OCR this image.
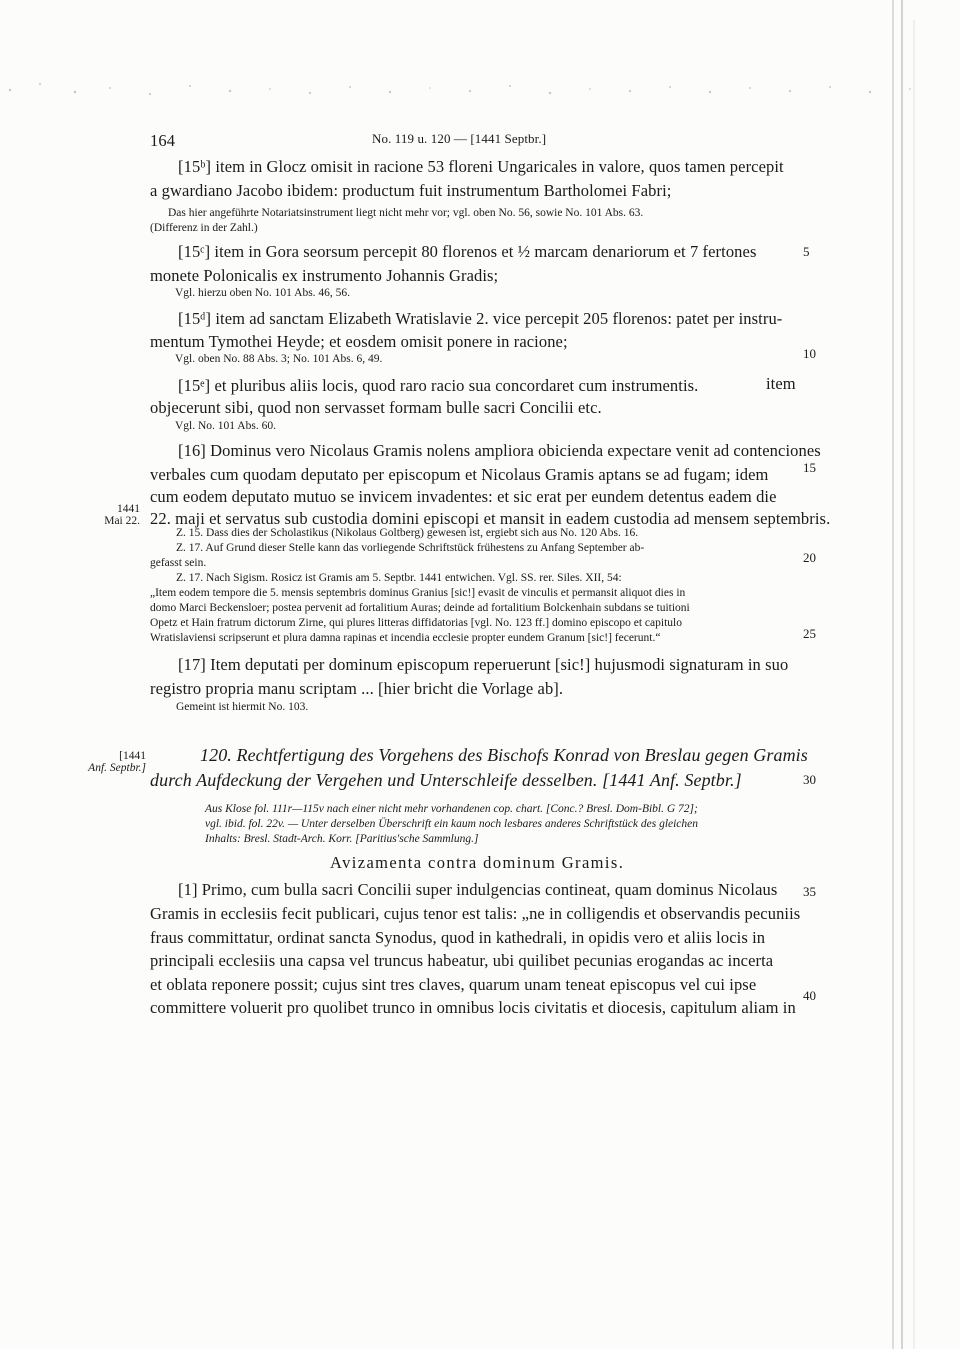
164	No. 119 u. 120 — [1441 Septbr.]
[15ᵇ] item in Glocz omisit in racione 53 floreni Ungaricales in valore, quos tamen percepit
a gwardiano Jacobo ibidem: productum fuit instrumentum Bartholomei Fabri;
Das hier angeführte Notariatsinstrument liegt nicht mehr vor; vgl. oben No. 56, sowie No. 101 Abs. 63.
(Differenz in der Zahl.)
[15ᶜ] item in Gora seorsum percepit 80 florenos et ½ marcam denariorum et 7 fertones
monete Polonicalis ex instrumento Johannis Gradis;
Vgl. hierzu oben No. 101 Abs. 46, 56.
[15ᵈ] item ad sanctam Elizabeth Wratislavie 2. vice percepit 205 florenos: patet per instru-
mentum Tymothei Heyde; et eosdem omisit ponere in racione;
Vgl. oben No. 88 Abs. 3; No. 101 Abs. 6, 49.
[15ᵉ] et pluribus aliis locis, quod raro racio sua concordaret cum instrumentis.	item
objecerunt sibi, quod non servasset formam bulle sacri Concilii etc.
Vgl. No. 101 Abs. 60.
[16] Dominus vero Nicolaus Gramis nolens ampliora obicienda expectare venit ad contenciones
verbales cum quodam deputato per episcopum et Nicolaus Gramis aptans se ad fugam; idem
cum eodem deputato mutuo se invicem invadentes: et sic erat per eundem detentus eadem die
22. maji et servatus sub custodia domini episcopi et mansit in eadem custodia ad mensem septembris.
Z. 15. Dass dies der Scholastikus (Nikolaus Goltberg) gewesen ist, ergiebt sich aus No. 120 Abs. 16.
Z. 17. Auf Grund dieser Stelle kann das vorliegende Schriftstück frühestens zu Anfang September ab-
gefasst sein.
Z. 17. Nach Sigism. Rosicz ist Gramis am 5. Septbr. 1441 entwichen. Vgl. SS. rer. Siles. XII, 54:
„Item eodem tempore die 5. mensis septembris dominus Granius [sic!] evasit de vinculis et permansit aliquot dies in
domo Marci Beckensloer; postea pervenit ad fortalitium Auras; deinde ad fortalitium Bolckenhain subdans se tuitioni
Opetz et Hain fratrum dictorum Zirne, qui plures litteras diffidatorias [vgl. No. 123 ff.] domino episcopo et capitulo
Wratislaviensi scripserunt et plura damna rapinas et incendia ecclesie propter eundem Granum [sic!] fecerunt.“
[17] Item deputati per dominum episcopum reperuerunt [sic!] hujusmodi signaturam in suo
registro propria manu scriptam ... [hier bricht die Vorlage ab].
Gemeint ist hiermit No. 103.
120. Rechtfertigung des Vorgehens des Bischofs Konrad von Breslau gegen Gramis
durch Aufdeckung der Vergehen und Unterschleife desselben. [1441 Anf. Septbr.]
Aus Klose fol. 111r—115v nach einer nicht mehr vorhandenen cop. chart. [Conc.? Bresl. Dom-Bibl. G 72];
vgl. ibid. fol. 22v. — Unter derselben Überschrift ein kaum noch lesbares anderes Schriftstück des gleichen
Inhalts: Bresl. Stadt-Arch. Korr. [Paritius'sche Sammlung.]
Avizamenta contra dominum Gramis.
[1] Primo, cum bulla sacri Concilii super indulgencias contineat, quam dominus Nicolaus
Gramis in ecclesiis fecit publicari, cujus tenor est talis: „ne in colligendis et observandis pecuniis
fraus committatur, ordinat sancta Synodus, quod in kathedrali, in opidis vero et aliis locis in
principali ecclesiis una capsa vel truncus habeatur, ubi quilibet pecunias erogandas ac incerta
et oblata reponere possit; cujus sint tres claves, quarum unam teneat episcopus vel cui ipse
committere voluerit pro quolibet trunco in omnibus locis civitatis et diocesis, capitulum aliam in
5
10
15
20
25
30
35
40
1441
Mai 22.
[1441
Anf. Septbr.]
